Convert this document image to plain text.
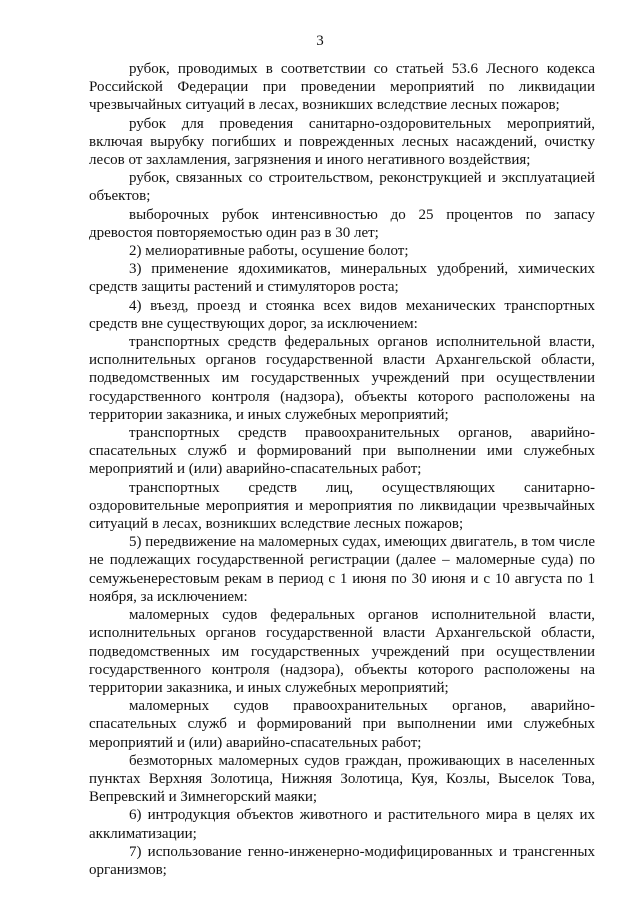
3

рубок, проводимых в соответствии со статьей 53.6 Лесного кодекса Российской Федерации при проведении мероприятий по ликвидации чрезвычайных ситуаций в лесах, возникших вследствие лесных пожаров;

рубок для проведения санитарно-оздоровительных мероприятий, включая вырубку погибших и поврежденных лесных насаждений, очистку лесов от захламления, загрязнения и иного негативного воздействия;

рубок, связанных со строительством, реконструкцией и эксплуатацией объектов;

выборочных рубок интенсивностью до 25 процентов по запасу древостоя повторяемостью один раз в 30 лет;

2) мелиоративные работы, осушение болот;

3) применение ядохимикатов, минеральных удобрений, химических средств защиты растений и стимуляторов роста;

4) въезд, проезд и стоянка всех видов механических транспортных средств вне существующих дорог, за исключением:

транспортных средств федеральных органов исполнительной власти, исполнительных органов государственной власти Архангельской области, подведомственных им государственных учреждений при осуществлении государственного контроля (надзора), объекты которого расположены на территории заказника, и иных служебных мероприятий;

транспортных средств правоохранительных органов, аварийно-спасательных служб и формирований при выполнении ими служебных мероприятий и (или) аварийно-спасательных работ;

транспортных средств лиц, осуществляющих санитарно-оздоровительные мероприятия и мероприятия по ликвидации чрезвычайных ситуаций в лесах, возникших вследствие лесных пожаров;

5) передвижение на маломерных судах, имеющих двигатель, в том числе не подлежащих государственной регистрации (далее – маломерные суда) по семужьенерестовым рекам в период с 1 июня по 30 июня и с 10 августа по 1 ноября, за исключением:

маломерных судов федеральных органов исполнительной власти, исполнительных органов государственной власти Архангельской области, подведомственных им государственных учреждений при осуществлении государственного контроля (надзора), объекты которого расположены на территории заказника, и иных служебных мероприятий;

маломерных судов правоохранительных органов, аварийно-спасательных служб и формирований при выполнении ими служебных мероприятий и (или) аварийно-спасательных работ;

безмоторных маломерных судов граждан, проживающих в населенных пунктах Верхняя Золотица, Нижняя Золотица, Куя, Козлы, Выселок Това, Вепревский и Зимнегорский маяки;

6) интродукция объектов животного и растительного мира в целях их акклиматизации;

7) использование генно-инженерно-модифицированных и трансгенных организмов;
